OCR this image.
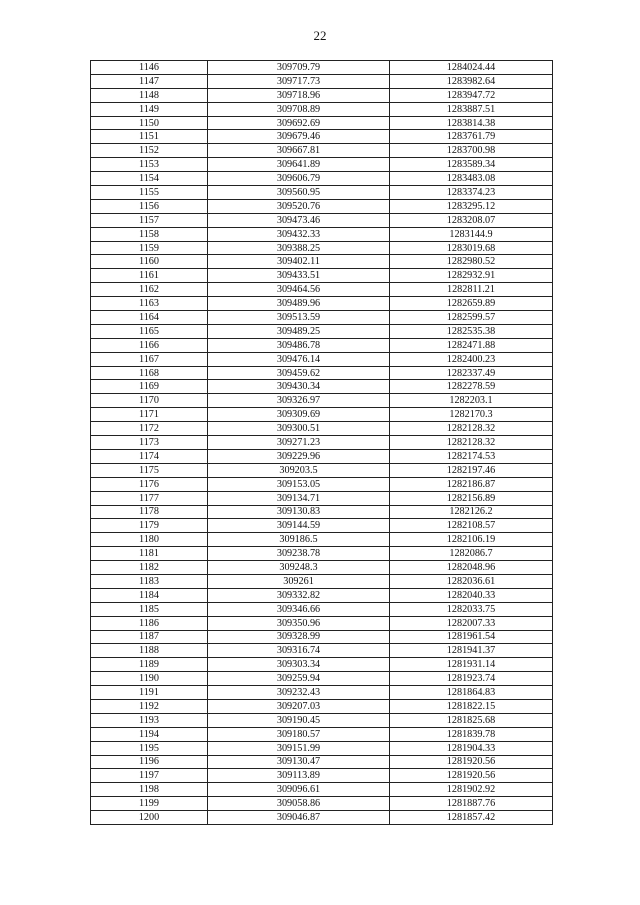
22
1146	309709.79	1284024.44
1147	309717.73	1283982.64
1148	309718.96	1283947.72
1149	309708.89	1283887.51
1150	309692.69	1283814.38
1151	309679.46	1283761.79
1152	309667.81	1283700.98
1153	309641.89	1283589.34
1154	309606.79	1283483.08
1155	309560.95	1283374.23
1156	309520.76	1283295.12
1157	309473.46	1283208.07
1158	309432.33	1283144.9
1159	309388.25	1283019.68
1160	309402.11	1282980.52
1161	309433.51	1282932.91
1162	309464.56	1282811.21
1163	309489.96	1282659.89
1164	309513.59	1282599.57
1165	309489.25	1282535.38
1166	309486.78	1282471.88
1167	309476.14	1282400.23
1168	309459.62	1282337.49
1169	309430.34	1282278.59
1170	309326.97	1282203.1
1171	309309.69	1282170.3
1172	309300.51	1282128.32
1173	309271.23	1282128.32
1174	309229.96	1282174.53
1175	309203.5	1282197.46
1176	309153.05	1282186.87
1177	309134.71	1282156.89
1178	309130.83	1282126.2
1179	309144.59	1282108.57
1180	309186.5	1282106.19
1181	309238.78	1282086.7
1182	309248.3	1282048.96
1183	309261	1282036.61
1184	309332.82	1282040.33
1185	309346.66	1282033.75
1186	309350.96	1282007.33
1187	309328.99	1281961.54
1188	309316.74	1281941.37
1189	309303.34	1281931.14
1190	309259.94	1281923.74
1191	309232.43	1281864.83
1192	309207.03	1281822.15
1193	309190.45	1281825.68
1194	309180.57	1281839.78
1195	309151.99	1281904.33
1196	309130.47	1281920.56
1197	309113.89	1281920.56
1198	309096.61	1281902.92
1199	309058.86	1281887.76
1200	309046.87	1281857.42
